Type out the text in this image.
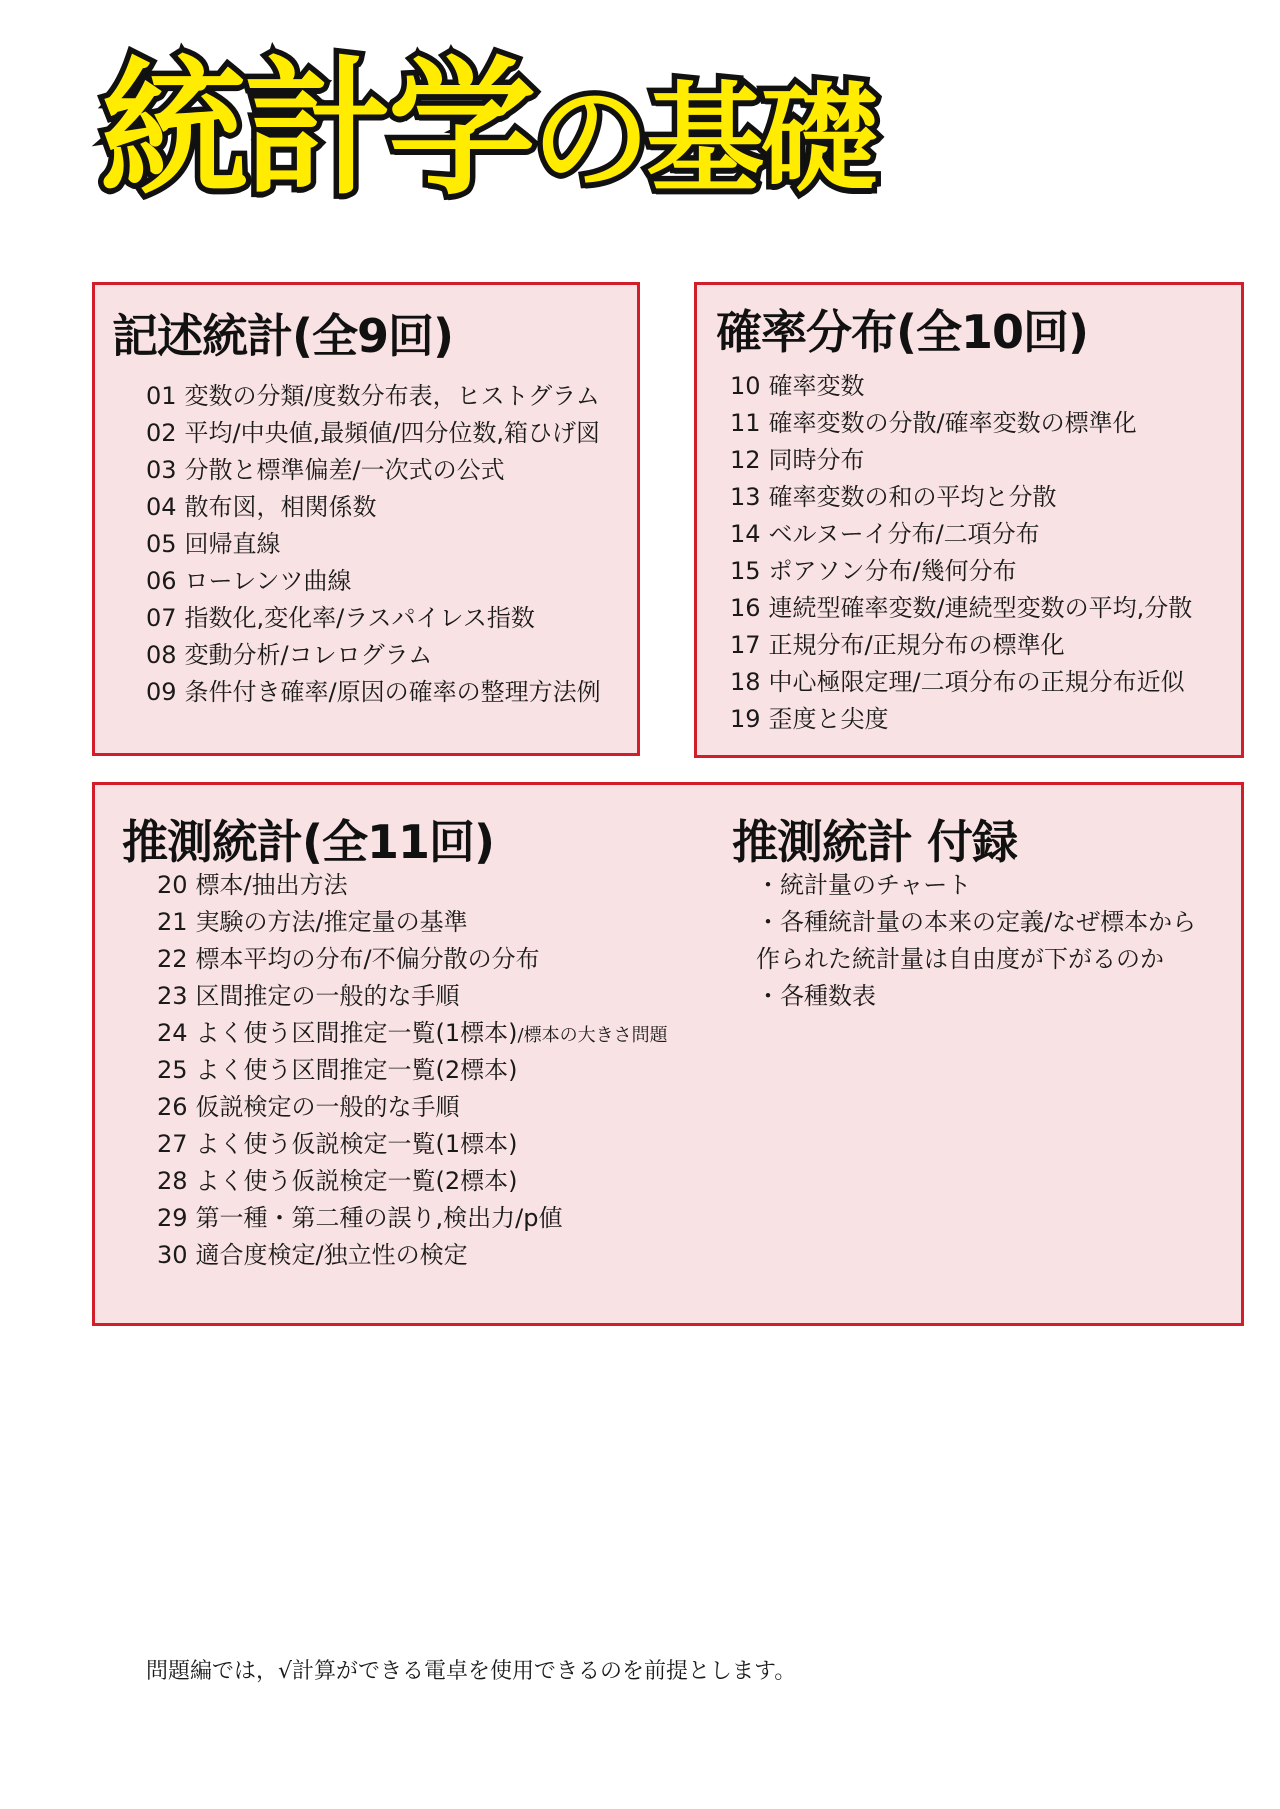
統計学の基礎
記述統計(全9回)
01 変数の分類/度数分布表，ヒストグラム
02 平均/中央値,最頻値/四分位数,箱ひげ図
03 分散と標準偏差/一次式の公式
04 散布図，相関係数
05 回帰直線
06 ローレンツ曲線
07 指数化,変化率/ラスパイレス指数
08 変動分析/コレログラム
09 条件付き確率/原因の確率の整理方法例
確率分布(全10回)
10 確率変数
11 確率変数の分散/確率変数の標準化
12 同時分布
13 確率変数の和の平均と分散
14 ベルヌーイ分布/二項分布
15 ポアソン分布/幾何分布
16 連続型確率変数/連続型変数の平均,分散
17 正規分布/正規分布の標準化
18 中心極限定理/二項分布の正規分布近似
19 歪度と尖度
推測統計(全11回)
20 標本/抽出方法
21 実験の方法/推定量の基準
22 標本平均の分布/不偏分散の分布
23 区間推定の一般的な手順
24 よく使う区間推定一覧(1標本)/標本の大きさ問題
25 よく使う区間推定一覧(2標本)
26 仮説検定の一般的な手順
27 よく使う仮説検定一覧(1標本)
28 よく使う仮説検定一覧(2標本)
29 第一種・第二種の誤り,検出力/p値
30 適合度検定/独立性の検定
推測統計 付録
・統計量のチャート
・各種統計量の本来の定義/なぜ標本から
作られた統計量は自由度が下がるのか
・各種数表
問題編では，√計算ができる電卓を使用できるのを前提とします。
